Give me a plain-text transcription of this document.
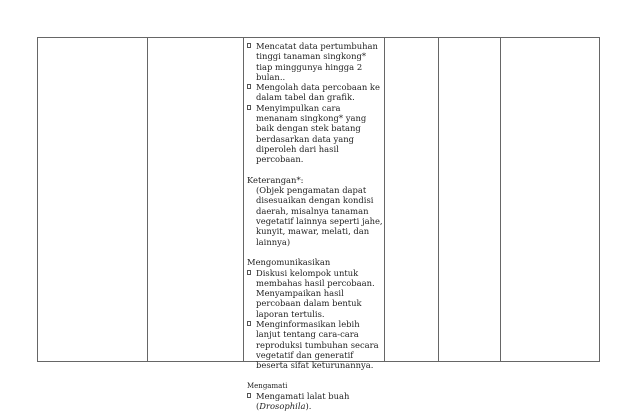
Mencatat data pertumbuhan tinggi tanaman singkong* tiap minggunya hingga 2 bulan..
Mengolah data percobaan ke dalam tabel dan grafik.
Menyimpulkan cara menanam singkong* yang baik dengan stek batang berdasarkan data yang diperoleh dari hasil percobaan.

Keterangan*:

(Objek pengamatan dapat disesuaikan dengan kondisi daerah, misalnya tanaman vegetatif lainnya seperti jahe, kunyit, mawar, melati, dan lainnya)

Mengomunikasikan

Diskusi kelompok untuk membahas hasil percobaan.

Menyampaikan hasil percobaan dalam bentuk laporan tertulis.

Menginformasikan lebih lanjut tentang cara-cara reproduksi tumbuhan secara vegetatif dan generatif beserta sifat keturunannya.

Mengamati

Mengamati lalat buah

(Drosophila).
